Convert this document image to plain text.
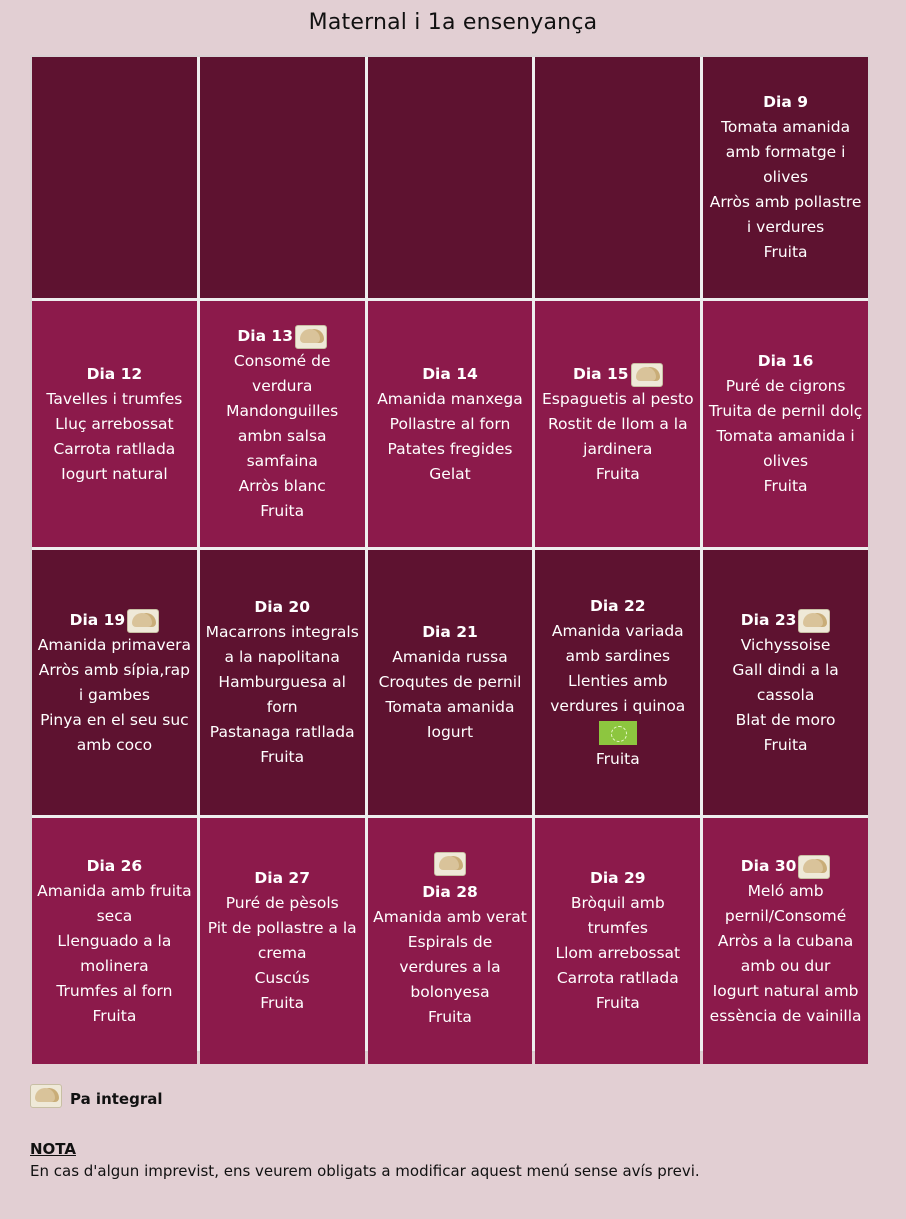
Maternal i 1a ensenyança
Dia 9
Tomata amanida amb formatge i olives
Arròs amb pollastre i verdures
Fruita
Dia 12
Tavelles i trumfes
Lluç arrebossat
Carrota ratllada
Iogurt natural
Dia 13
Consomé de verdura
Mandonguilles ambn salsa samfaina
Arròs blanc
Fruita
Dia 14
Amanida manxega
Pollastre al forn
Patates fregides
Gelat
Dia 15
Espaguetis al pesto
Rostit de llom a la jardinera
Fruita
Dia 16
Puré de cigrons
Truita de pernil dolç
Tomata amanida i olives
Fruita
Dia 19
Amanida primavera
Arròs amb sípia,rap i gambes
Pinya en el seu suc amb coco
Dia 20
Macarrons integrals a la napolitana
Hamburguesa al forn
Pastanaga ratllada
Fruita
Dia 21
Amanida russa
Croqutes de pernil
Tomata amanida
Iogurt
Dia 22
Amanida variada amb sardines
Llenties amb verdures i quinoa
Fruita
Dia 23
Vichyssoise
Gall dindi a la cassola
Blat de moro
Fruita
Dia 26
Amanida amb fruita seca
Llenguado a la molinera
Trumfes al forn
Fruita
Dia 27
Puré de pèsols
Pit de pollastre a la crema
Cuscús
Fruita
Dia 28
Amanida amb verat
Espirals de verdures a la bolonyesa
Fruita
Dia 29
Bròquil amb trumfes
Llom arrebossat
Carrota ratllada
Fruita
Dia 30
Meló amb pernil/Consomé
Arròs a la cubana amb ou dur
Iogurt natural amb essència de vainilla
Pa integral
NOTA
En cas d'algun imprevist, ens veurem obligats a modificar aquest menú sense avís previ.
